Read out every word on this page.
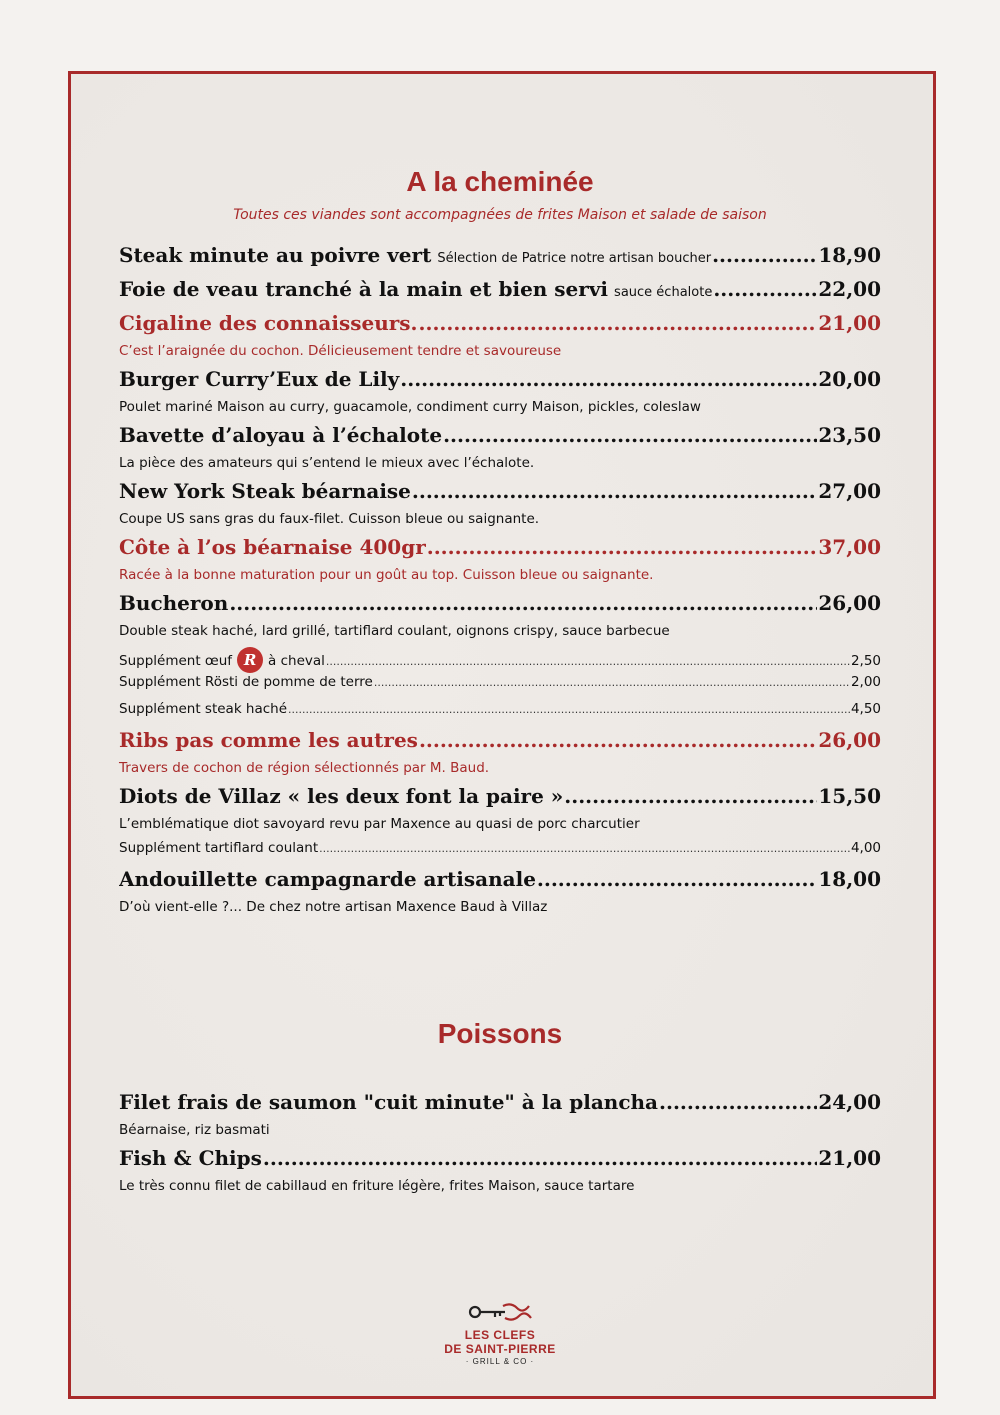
A la cheminée
Toutes ces viandes sont accompagnées de frites Maison et salade de saison
Steak minute au poivre vert Sélection de Patrice notre artisan boucher .....	18,90
Foie de veau tranché à la main et bien servi sauce échalote .....	22,00
Cigaline des connaisseurs. .....	21,00
C’est l’araignée du cochon. Délicieusement tendre et savoureuse
Burger Curry’Eux de Lily .....	20,00
Poulet mariné Maison au curry, guacamole, condiment curry Maison, pickles, coleslaw
Bavette d’aloyau à l’échalote .....	23,50
La pièce des amateurs qui s’entend le mieux avec l’échalote.
New York Steak béarnaise .....	27,00
Coupe US sans gras du faux-filet. Cuisson bleue ou saignante.
Côte à l’os béarnaise 400gr .....	37,00
Racée à la bonne maturation pour un goût au top. Cuisson bleue ou saignante.
Bucheron .....	26,00
Double steak haché, lard grillé, tartiflard coulant, oignons crispy, sauce barbecue
Supplément œuf R à cheval .....	2,50
Supplément Rösti de pomme de terre .....	2,00
Supplément steak haché .....	4,50
Ribs pas comme les autres .....	26,00
Travers de cochon de région sélectionnés par M. Baud.
Diots de Villaz « les deux font la paire » .....	15,50
L’emblématique diot savoyard revu par Maxence au quasi de porc charcutier
Supplément tartiflard coulant .....	4,00
Andouillette campagnarde artisanale .....	18,00
D’où vient-elle ?... De chez notre artisan Maxence Baud à Villaz
Poissons
Filet frais de saumon "cuit minute" à la plancha .....	24,00
Béarnaise, riz basmati
Fish & Chips .....	21,00
Le très connu filet de cabillaud en friture légère, frites Maison, sauce tartare
LES CLEFS
DE SAINT-PIERRE
· GRILL & CO ·
